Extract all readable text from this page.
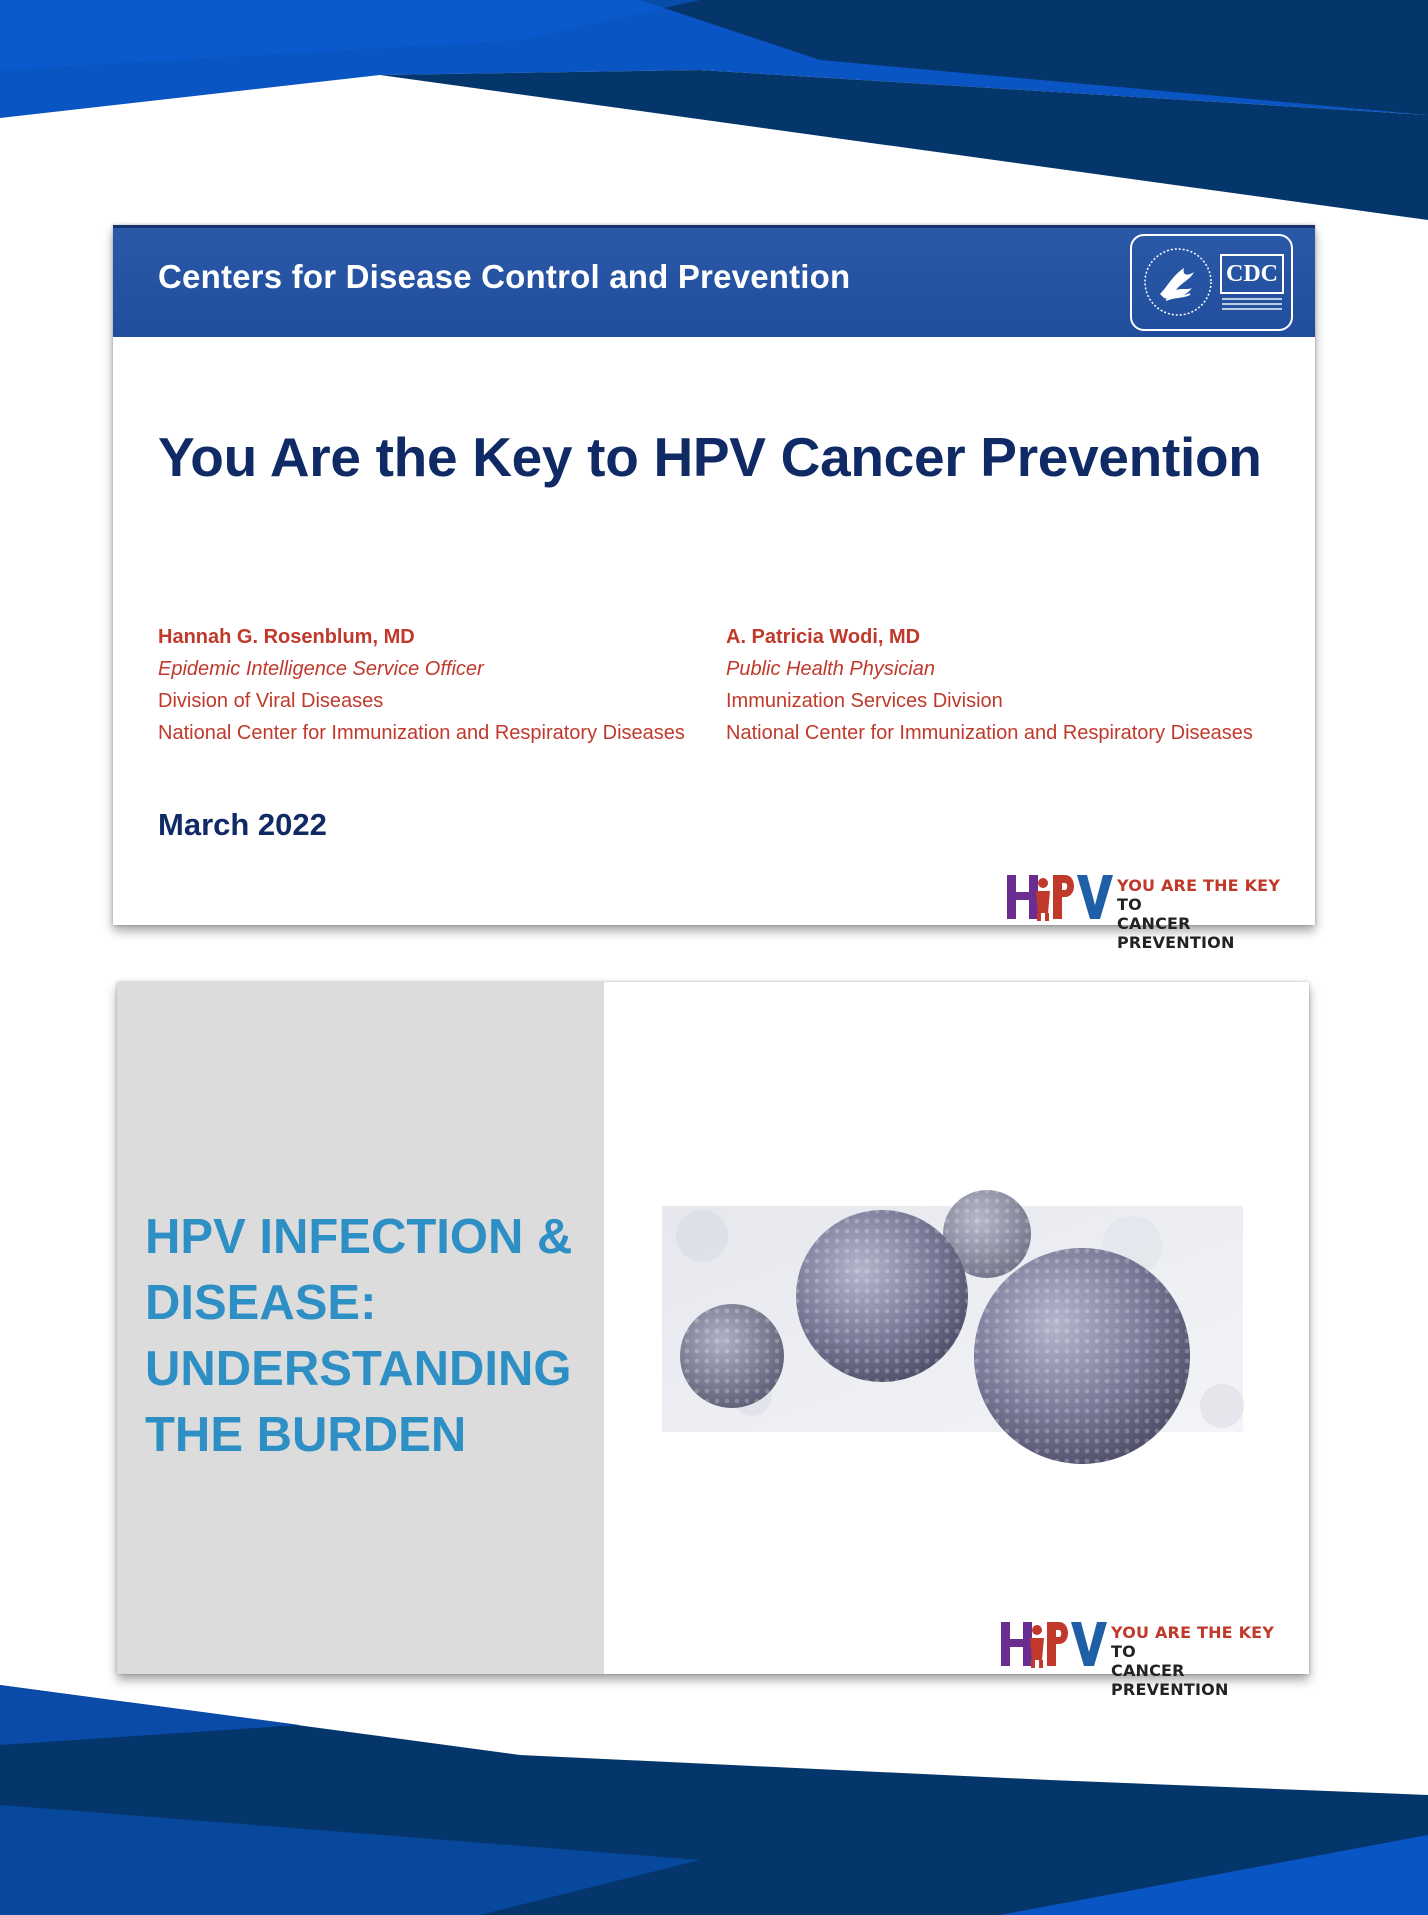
Centers for Disease Control and Prevention	CDC
You Are the Key to HPV Cancer Prevention
Hannah G. Rosenblum, MD
Epidemic Intelligence Service Officer
Division of Viral Diseases
National Center for Immunization and Respiratory Diseases
A. Patricia Wodi, MD
Public Health Physician
Immunization Services Division
National Center for Immunization and Respiratory Diseases
March 2022
YOU ARE THE KEY TO
CANCER PREVENTION
HPV INFECTION &
DISEASE:
UNDERSTANDING
THE BURDEN
YOU ARE THE KEY TO
CANCER PREVENTION
